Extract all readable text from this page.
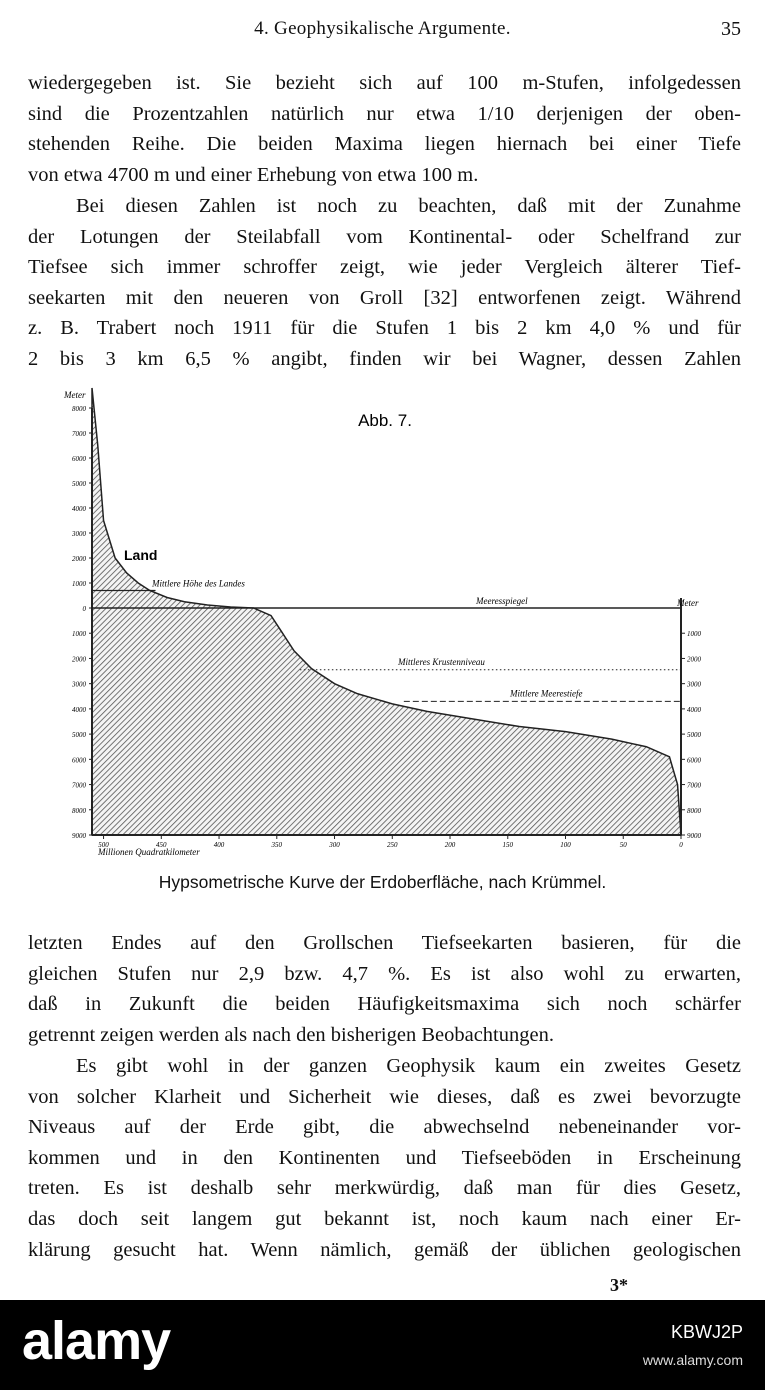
4. Geophysikalische Argumente.	35
wiedergegeben ist. Sie bezieht sich auf 100 m-Stufen, infolgedessen
sind die Prozentzahlen natürlich nur etwa 1/10 derjenigen der oben-
stehenden Reihe. Die beiden Maxima liegen hiernach bei einer Tiefe
von etwa 4700 m und einer Erhebung von etwa 100 m.
Bei diesen Zahlen ist noch zu beachten, daß mit der Zunahme
der Lotungen der Steilabfall vom Kontinental- oder Schelfrand zur
Tiefsee sich immer schroffer zeigt, wie jeder Vergleich älterer Tief-
seekarten mit den neueren von Groll [32] entworfenen zeigt. Während
z. B. Trabert noch 1911 für die Stufen 1 bis 2 km 4,0 % und für
2 bis 3 km 6,5 % angibt, finden wir bei Wagner, dessen Zahlen
Abb. 7.
8000
7000
6000
5000
4000
3000
2000
1000
0
1000
2000
3000
4000
5000
6000
7000
8000
9000
1000
2000
3000
4000
5000
6000
7000
8000
9000
500	450	400	350	300	250	200	150	100	50	0
Mittlere Höhe des Landes
Meeresspiegel
Mittleres Krustenniveau
Mittlere Meerestiefe
Meter
Meter
Millionen Quadratkilometer
Land
Hypsometrische Kurve der Erdoberfläche, nach Krümmel.
letzten Endes auf den Grollschen Tiefseekarten basieren, für die
gleichen Stufen nur 2,9 bzw. 4,7 %. Es ist also wohl zu erwarten,
daß in Zukunft die beiden Häufigkeitsmaxima sich noch schärfer
getrennt zeigen werden als nach den bisherigen Beobachtungen.
Es gibt wohl in der ganzen Geophysik kaum ein zweites Gesetz
von solcher Klarheit und Sicherheit wie dieses, daß es zwei bevorzugte
Niveaus auf der Erde gibt, die abwechselnd nebeneinander vor-
kommen und in den Kontinenten und Tiefseeböden in Erscheinung
treten. Es ist deshalb sehr merkwürdig, daß man für dies Gesetz,
das doch seit langem gut bekannt ist, noch kaum nach einer Er-
klärung gesucht hat. Wenn nämlich, gemäß der üblichen geologischen
3*
alamy	KBWJ2P
www.alamy.com
